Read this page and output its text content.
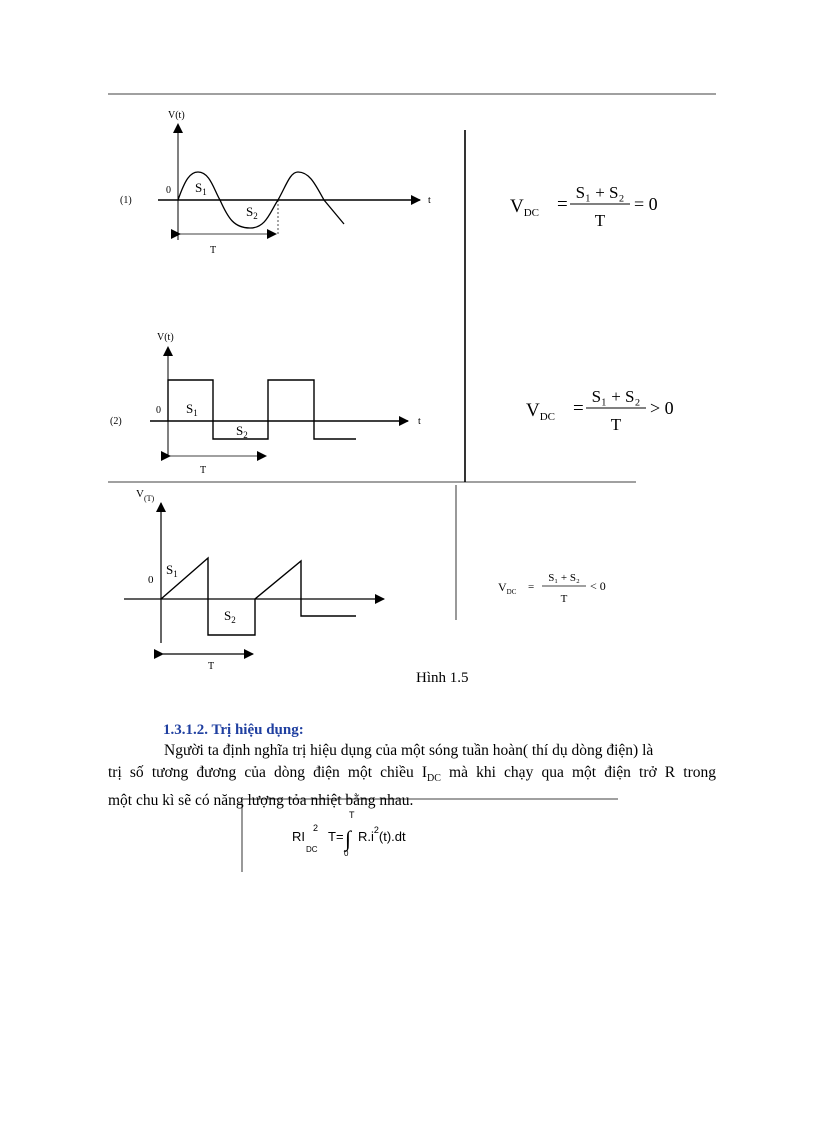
(1)
V(t)
t
0 $S_1$
$S_2$
T
$V_{DC}$ =
S₁ + S₂
T
= 0
(2)
V(t)
t
0 $S_1$
$S_2$
T
$V_{DC}$ =
S₁ + S₂
T
> 0
$V_{(T)}$
0
$S_1$
$S_2$
T
$V_{DC}$ =
S₁ + S₂
T
< 0
Hình 1.5
1.3.1.2. Trị hiệu dụng:
Người ta định nghĩa trị hiệu dụng của một sóng tuần hoàn( thí dụ dòng điện) là
trị số tương đương của dòng điện một chiều $I_{DC}$ mà khi chạy qua một điện trở R trong
một chu kì sẽ có năng lượng tỏa nhiệt bằng nhau.
RI
2
DC
T= ∫
T
0
$R.i^2(t).dt$
